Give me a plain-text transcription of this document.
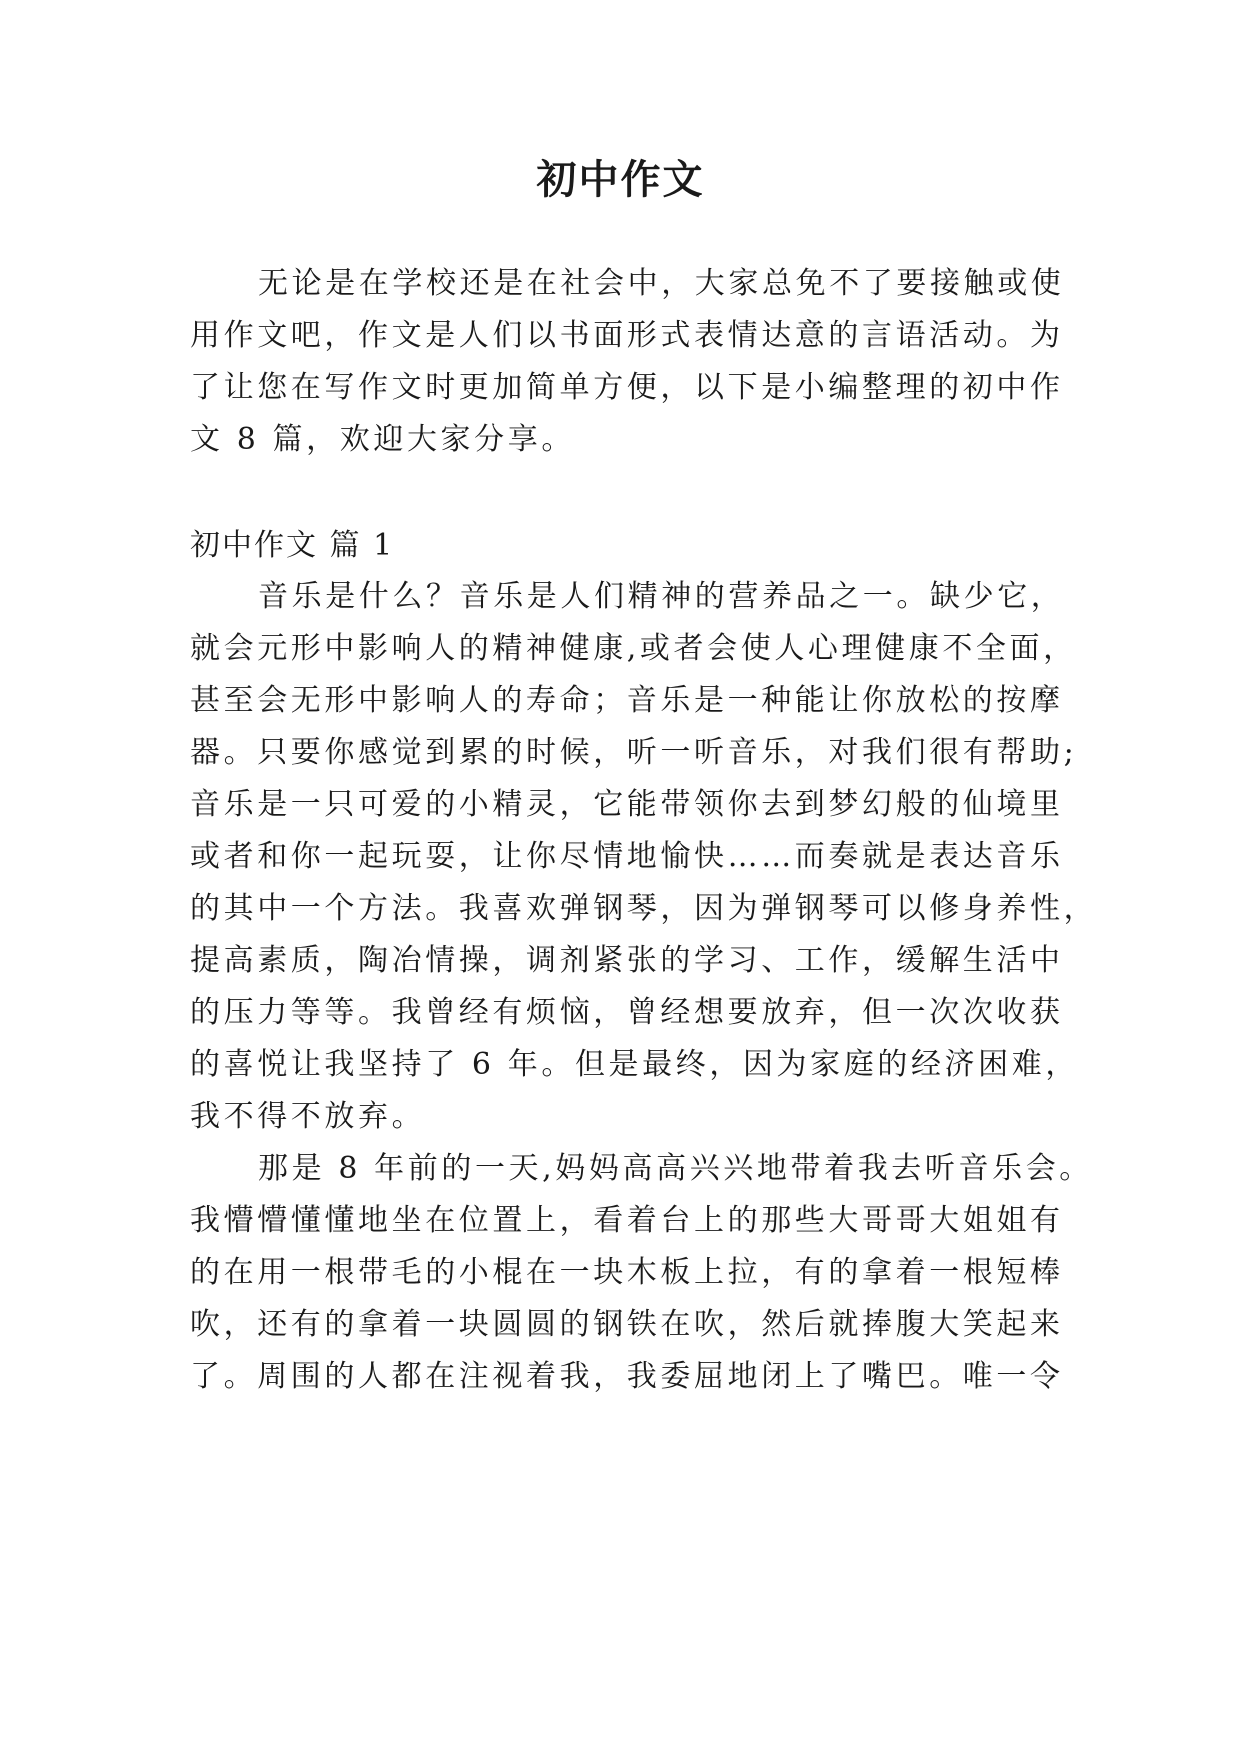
初中作文
无论是在学校还是在社会中，大家总免不了要接触或使
用作文吧，作文是人们以书面形式表情达意的言语活动。为
了让您在写作文时更加简单方便，以下是小编整理的初中作
文 8 篇，欢迎大家分享。
初中作文 篇 1
音乐是什么？音乐是人们精神的营养品之一。缺少它，
就会元形中影响人的精神健康,或者会使人心理健康不全面，
甚至会无形中影响人的寿命；音乐是一种能让你放松的按摩
器。只要你感觉到累的时候，听一听音乐，对我们很有帮助;
音乐是一只可爱的小精灵，它能带领你去到梦幻般的仙境里
或者和你一起玩耍，让你尽情地愉快……而奏就是表达音乐
的其中一个方法。我喜欢弹钢琴，因为弹钢琴可以修身养性，
提高素质，陶冶情操，调剂紧张的学习、工作，缓解生活中
的压力等等。我曾经有烦恼，曾经想要放弃，但一次次收获
的喜悦让我坚持了 6 年。但是最终，因为家庭的经济困难，
我不得不放弃。
那是 8 年前的一天,妈妈高高兴兴地带着我去听音乐会。
我懵懵懂懂地坐在位置上，看着台上的那些大哥哥大姐姐有
的在用一根带毛的小棍在一块木板上拉，有的拿着一根短棒
吹，还有的拿着一块圆圆的钢铁在吹，然后就捧腹大笑起来
了。周围的人都在注视着我，我委屈地闭上了嘴巴。唯一令
